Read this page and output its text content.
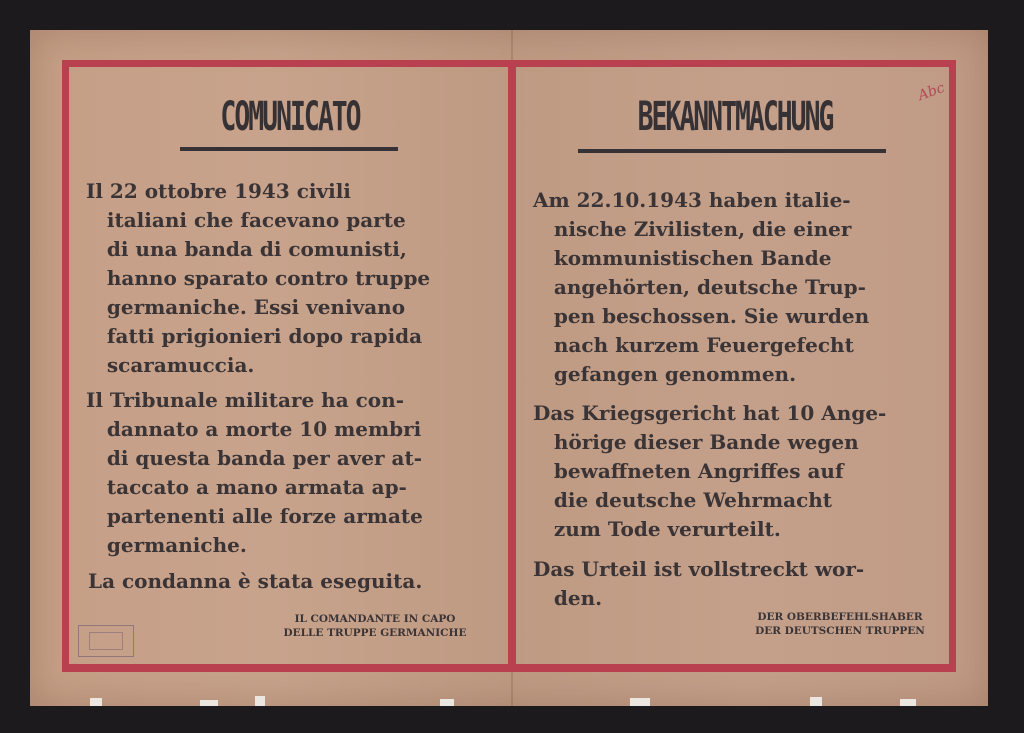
COMUNICATO
Il 22 ottobre 1943 civili
italiani che facevano parte
di una banda di comunisti,
hanno sparato contro truppe
germaniche. Essi venivano
fatti prigionieri dopo rapida
scaramuccia.
Il Tribunale militare ha con-
dannato a morte 10 membri
di questa banda per aver at-
taccato a mano armata ap-
partenenti alle forze armate
germaniche.
La condanna è stata eseguita.
IL COMANDANTE IN CAPO
DELLE TRUPPE GERMANICHE
BEKANNTMACHUNG
Am 22.10.1943 haben italie-
nische Zivilisten, die einer
kommunistischen Bande
angehörten, deutsche Trup-
pen beschossen. Sie wurden
nach kurzem Feuergefecht
gefangen genommen.
Das Kriegsgericht hat 10 Ange-
hörige dieser Bande wegen
bewaffneten Angriffes auf
die deutsche Wehrmacht
zum Tode verurteilt.
Das Urteil ist vollstreckt wor-
den.
DER OBERBEFEHLSHABER
DER DEUTSCHEN TRUPPEN
Abc
